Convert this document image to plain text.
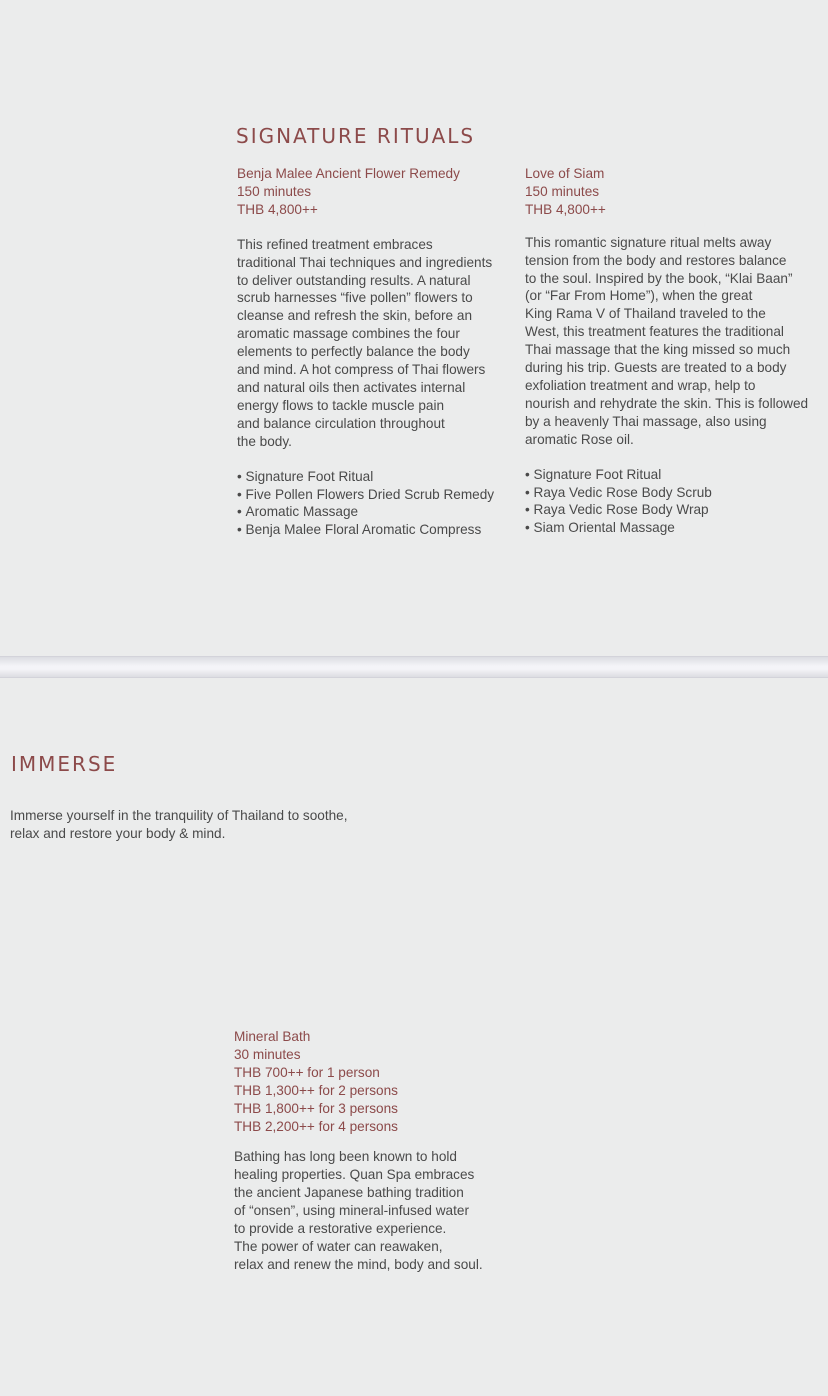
SIGNATURE RITUALS
Benja Malee Ancient Flower Remedy
150 minutes
THB 4,800++
This refined treatment embraces
traditional Thai techniques and ingredients
to deliver outstanding results. A natural
scrub harnesses “five pollen” flowers to
cleanse and refresh the skin, before an
aromatic massage combines the four
elements to perfectly balance the body
and mind. A hot compress of Thai flowers
and natural oils then activates internal
energy flows to tackle muscle pain
and balance circulation throughout
the body.
• Signature Foot Ritual
• Five Pollen Flowers Dried Scrub Remedy
• Aromatic Massage
• Benja Malee Floral Aromatic Compress
Love of Siam
150 minutes
THB 4,800++
This romantic signature ritual melts away
tension from the body and restores balance
to the soul. Inspired by the book, “Klai Baan”
(or “Far From Home”), when the great
King Rama V of Thailand traveled to the
West, this treatment features the traditional
Thai massage that the king missed so much
during his trip. Guests are treated to a body
exfoliation treatment and wrap, help to
nourish and rehydrate the skin. This is followed
by a heavenly Thai massage, also using
aromatic Rose oil.
• Signature Foot Ritual
• Raya Vedic Rose Body Scrub
• Raya Vedic Rose Body Wrap
• Siam Oriental Massage
IMMERSE
Immerse yourself in the tranquility of Thailand to soothe,
relax and restore your body & mind.
Mineral Bath
30 minutes
THB 700++ for 1 person
THB 1,300++ for 2 persons
THB 1,800++ for 3 persons
THB 2,200++ for 4 persons
Bathing has long been known to hold
healing properties. Quan Spa embraces
the ancient Japanese bathing tradition
of “onsen”, using mineral-infused water
to provide a restorative experience.
The power of water can reawaken,
relax and renew the mind, body and soul.
